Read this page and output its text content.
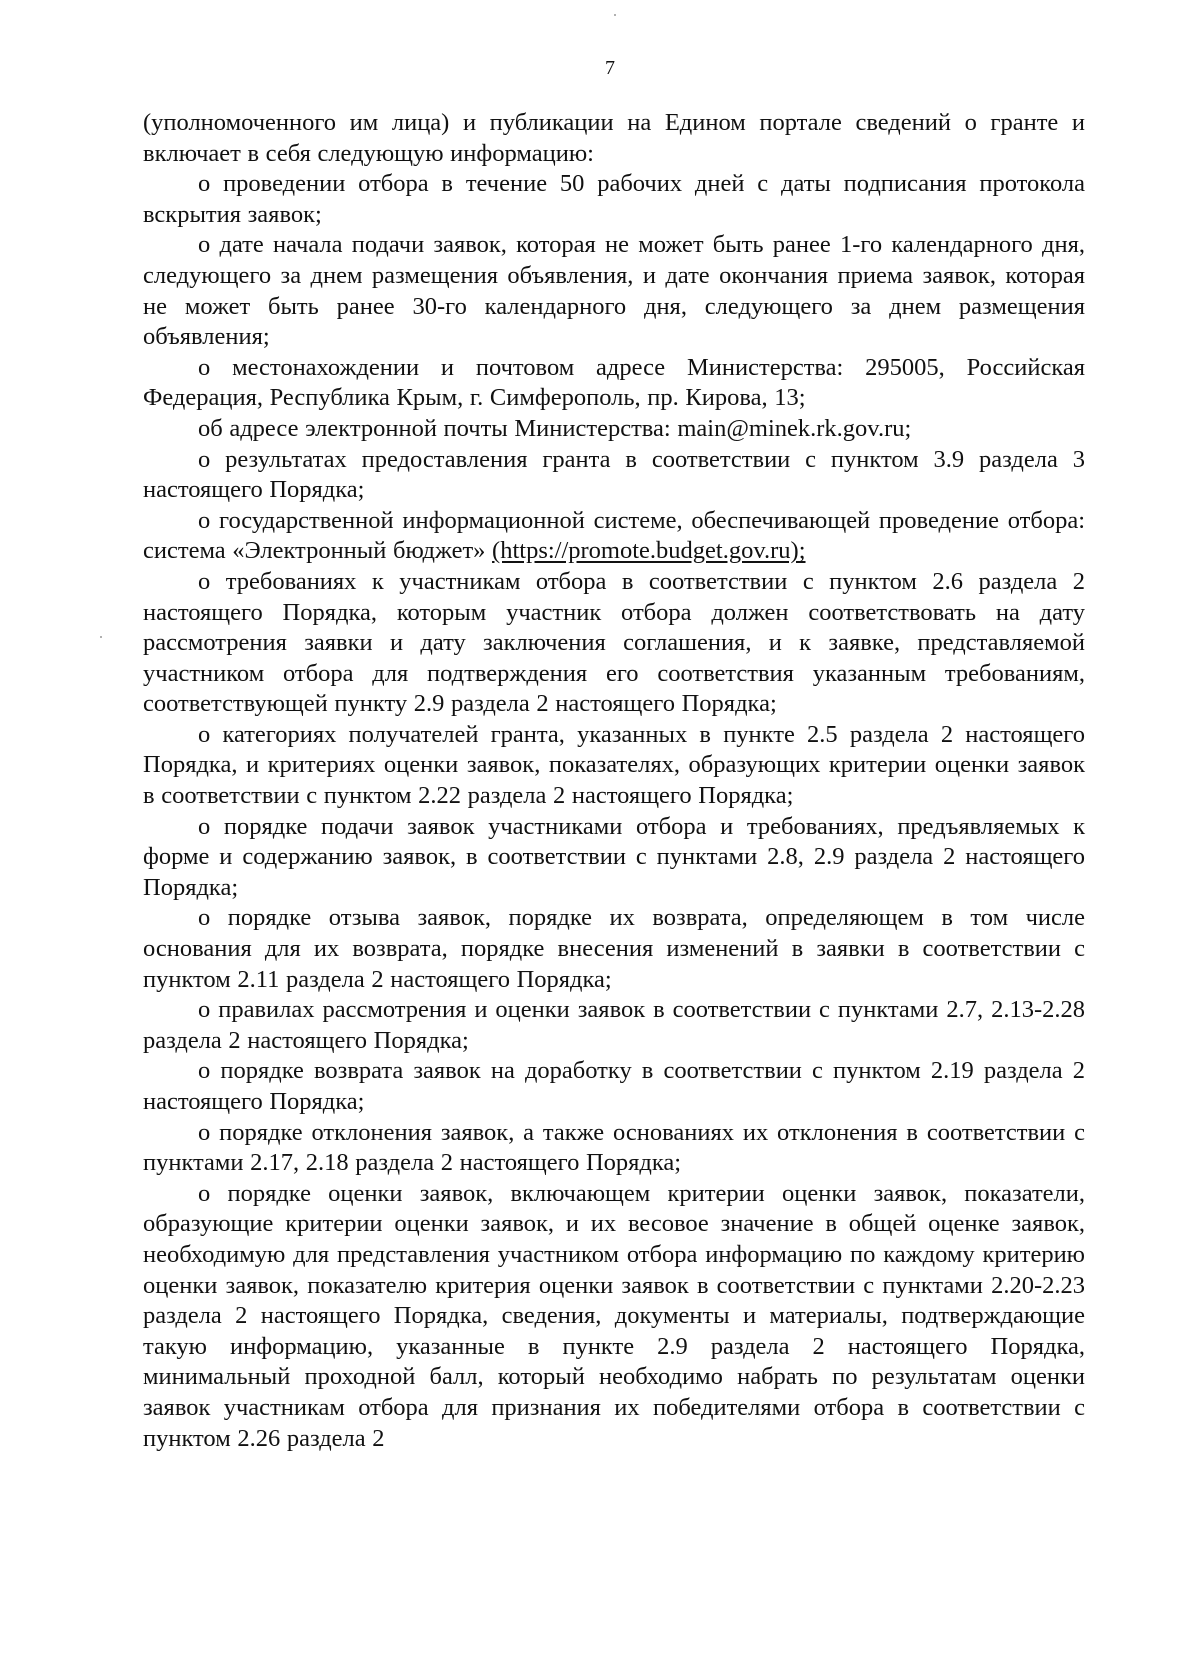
7

(уполномоченного им лица) и публикации на Едином портале сведений о гранте и включает в себя следующую информацию:

о проведении отбора в течение 50 рабочих дней с даты подписания протокола вскрытия заявок;

о дате начала подачи заявок, которая не может быть ранее 1-го календарного дня, следующего за днем размещения объявления, и дате окончания приема заявок, которая не может быть ранее 30-го календарного дня, следующего за днем размещения объявления;

о местонахождении и почтовом адресе Министерства: 295005, Российская Федерация, Республика Крым, г. Симферополь, пр. Кирова, 13;

об адресе электронной почты Министерства: main@minek.rk.gov.ru;

о результатах предоставления гранта в соответствии с пунктом 3.9 раздела 3 настоящего Порядка;

о государственной информационной системе, обеспечивающей проведение отбора: система «Электронный бюджет» (https://promote.budget.gov.ru);

о требованиях к участникам отбора в соответствии с пунктом 2.6 раздела 2 настоящего Порядка, которым участник отбора должен соответствовать на дату рассмотрения заявки и дату заключения соглашения, и к заявке, представляемой участником отбора для подтверждения его соответствия указанным требованиям, соответствующей пункту 2.9 раздела 2 настоящего Порядка;

о категориях получателей гранта, указанных в пункте 2.5 раздела 2 настоящего Порядка, и критериях оценки заявок, показателях, образующих критерии оценки заявок в соответствии с пунктом 2.22 раздела 2 настоящего Порядка;

о порядке подачи заявок участниками отбора и требованиях, предъявляемых к форме и содержанию заявок, в соответствии с пунктами 2.8, 2.9 раздела 2 настоящего Порядка;

о порядке отзыва заявок, порядке их возврата, определяющем в том числе основания для их возврата, порядке внесения изменений в заявки в соответствии с пунктом 2.11 раздела 2 настоящего Порядка;

о правилах рассмотрения и оценки заявок в соответствии с пунктами 2.7, 2.13-2.28 раздела 2 настоящего Порядка;

о порядке возврата заявок на доработку в соответствии с пунктом 2.19 раздела 2 настоящего Порядка;

о порядке отклонения заявок, а также основаниях их отклонения в соответствии с пунктами 2.17, 2.18 раздела 2 настоящего Порядка;

о порядке оценки заявок, включающем критерии оценки заявок, показатели, образующие критерии оценки заявок, и их весовое значение в общей оценке заявок, необходимую для представления участником отбора информацию по каждому критерию оценки заявок, показателю критерия оценки заявок в соответствии с пунктами 2.20-2.23 раздела 2 настоящего Порядка, сведения, документы и материалы, подтверждающие такую информацию, указанные в пункте 2.9 раздела 2 настоящего Порядка, минимальный проходной балл, который необходимо набрать по результатам оценки заявок участникам отбора для признания их победителями отбора в соответствии с пунктом 2.26 раздела 2
